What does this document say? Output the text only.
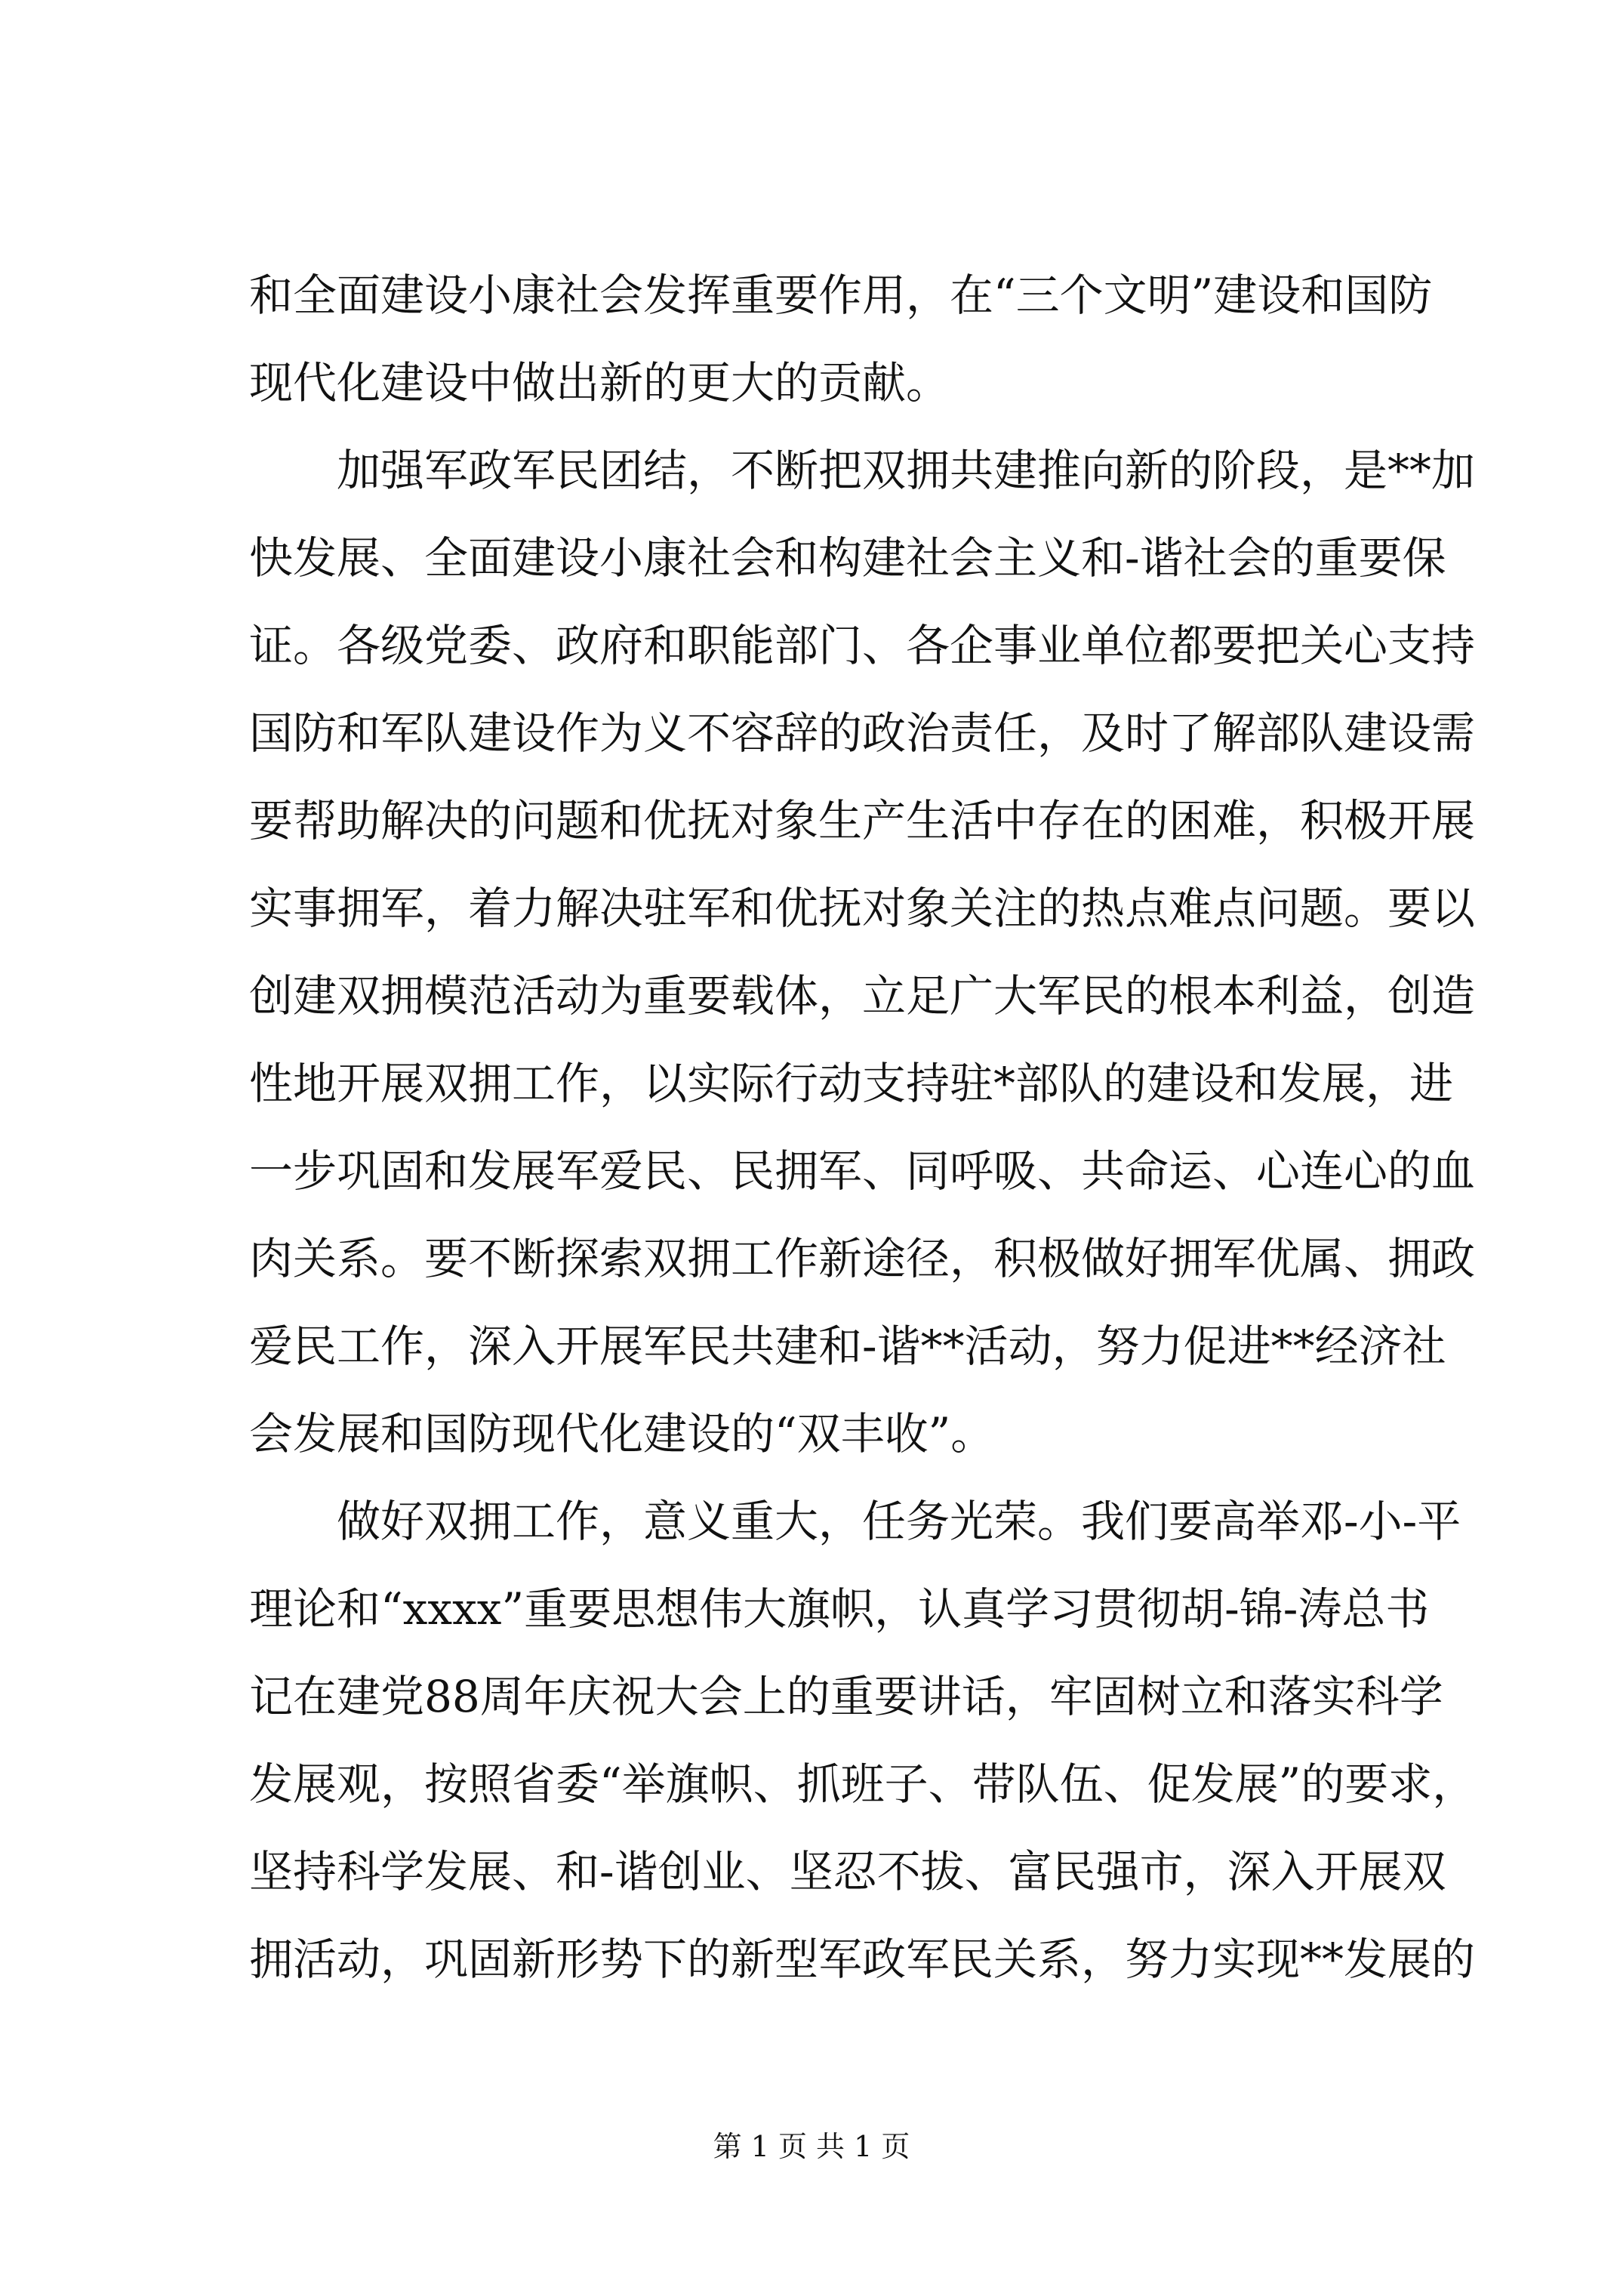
和全面建设小康社会发挥重要作用，在“三个文明”建设和国防
现代化建设中做出新的更大的贡献。
加强军政军民团结，不断把双拥共建推向新的阶段，是**加
快发展、全面建设小康社会和构建社会主义和-谐社会的重要保
证。各级党委、政府和职能部门、各企事业单位都要把关心支持
国防和军队建设作为义不容辞的政治责任，及时了解部队建设需
要帮助解决的问题和优抚对象生产生活中存在的困难，积极开展
实事拥军，着力解决驻军和优抚对象关注的热点难点问题。要以
创建双拥模范活动为重要载体，立足广大军民的根本利益，创造
性地开展双拥工作，以实际行动支持驻*部队的建设和发展，进
一步巩固和发展军爱民、民拥军、同呼吸、共命运、心连心的血
肉关系。要不断探索双拥工作新途径，积极做好拥军优属、拥政
爱民工作，深入开展军民共建和-谐**活动，努力促进**经济社
会发展和国防现代化建设的“双丰收”。
做好双拥工作，意义重大，任务光荣。我们要高举邓-小-平
理论和“xxxx”重要思想伟大旗帜，认真学习贯彻胡-锦-涛总书
记在建党88周年庆祝大会上的重要讲话，牢固树立和落实科学
发展观，按照省委“举旗帜、抓班子、带队伍、促发展”的要求，
坚持科学发展、和-谐创业、坚忍不拔、富民强市，深入开展双
拥活动，巩固新形势下的新型军政军民关系，努力实现**发展的
第 1 页 共 1 页
